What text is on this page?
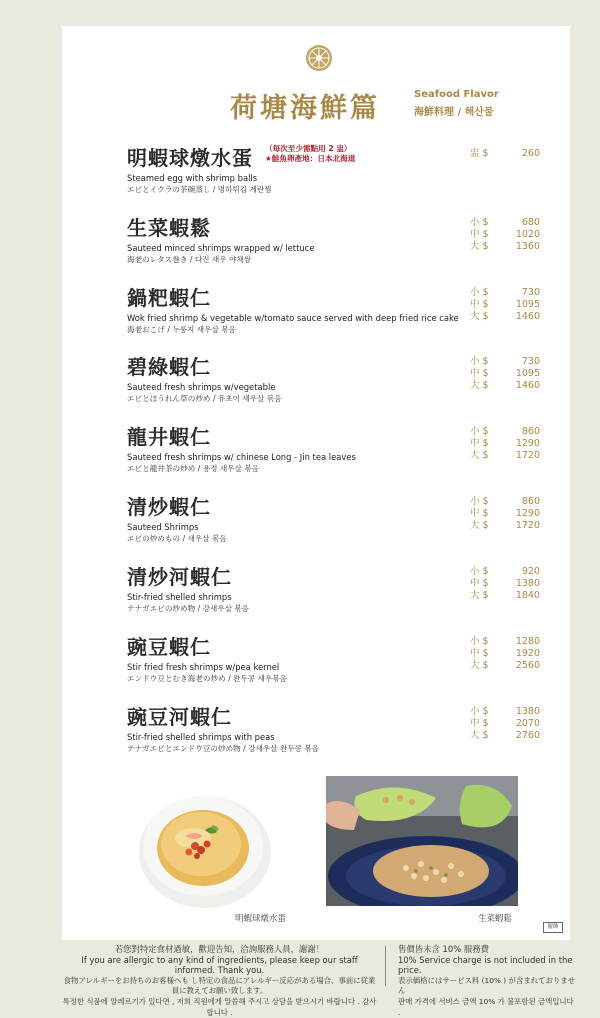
荷塘海鮮篇	Seafood Flavor
海鮮料理 / 해산물
（每次至少需點用 2 盅）
★鮭魚卵產地：日本北海道
明蝦球燉水蛋
Steamed egg with shrimp balls
エビとイクラの茶碗蒸し / 명하튀김 계란찜
盅 $	260
生菜蝦鬆
Sauteed minced shrimps wrapped w/ lettuce
海老のレタス巻き / 다진 새우 야채쌈
小 $	680
中 $	1020
大 $	1360
鍋粑蝦仁
Wok fried shrimp & vegetable w/tomato sauce served with deep fried rice cake
海老おこげ / 누룽지 새우살 볶음
小 $	730
中 $	1095
大 $	1460
碧綠蝦仁
Sauteed fresh shrimps w/vegetable
エビとほうれん草の炒め / 유초이 새우살 볶음
小 $	730
中 $	1095
大 $	1460
龍井蝦仁
Sauteed fresh shrimps w/ chinese Long - Jin tea leaves
エビと龍井茶の炒め / 용정 새우살 볶음
小 $	860
中 $	1290
大 $	1720
清炒蝦仁
Sauteed Shrimps
エビの炒めもの / 새우살 볶음
小 $	860
中 $	1290
大 $	1720
清炒河蝦仁
Stir-fried shelled shrimps
テナガエビの炒め物 / 강새우살 볶음
小 $	920
中 $	1380
大 $	1840
豌豆蝦仁
Stir fried fresh shrimps w/pea kernel
エンドウ豆とむき海老の炒め / 완두콩 새우볶음
小 $	1280
中 $	1920
大 $	2560
豌豆河蝦仁
Stir-fried shelled shrimps with peas
テナガエビとエンドウ豆の炒め物 / 강새우살 완두콩 볶음
小 $	1380
中 $	2070
大 $	2760
明蝦球燉水蛋	生菜蝦鬆
擺飾
若您對特定食材過敏，歡迎告知，洽詢服務人員，謝謝！
If you are allergic to any kind of ingredients, please keep our staff informed. Thank you.
食物アレルギーをお持ちのお客様へも し特定の食品にアレルギー反応がある場合、事前に従業員に教えてお願い致します。
특정한 식품에 알레르기가 있다면 , 저희 직원에게 말씀해 주시고 상담을 받으시기 바랍니다 . 감사합니다 .
售價皆未含 10% 服務費
10% Service charge is not included in the price.
表示価格にはサービス料 (10% ) が含まれておりません
판매 가격에 서비스 금액 10% 가 불포함된 금액입니다 .
